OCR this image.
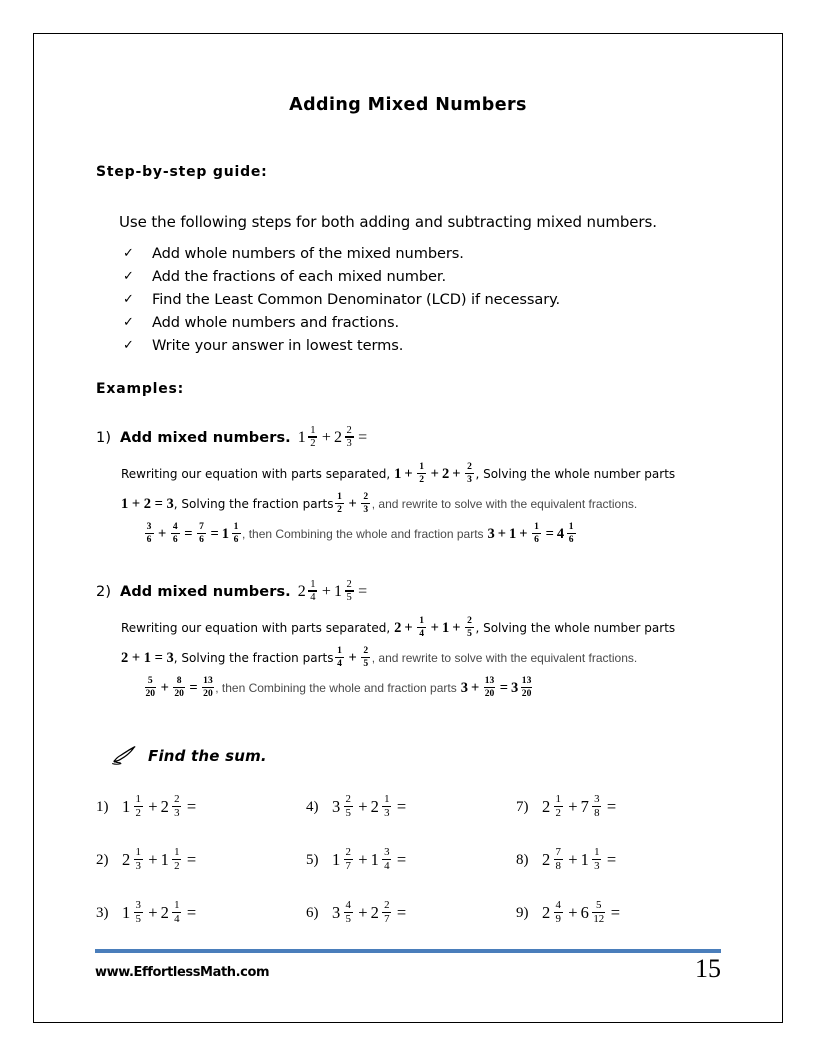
Adding Mixed Numbers
Step-by-step guide:
Use the following steps for both adding and subtracting mixed numbers.
✓ Add whole numbers of the mixed numbers.
✓ Add the fractions of each mixed number.
✓ Find the Least Common Denominator (LCD) if necessary.
✓ Add whole numbers and fractions.
✓ Write your answer in lowest terms.
Examples:
1) Add mixed numbers. $1 \frac{1}{2} + 2 \frac{2}{3}$ =
Rewriting our equation with parts separated, $1 + \frac{1}{2} + 2 + \frac{2}{3}$ , Solving the whole number parts
1 + 2 = 3 , Solving the fraction parts $\frac{1}{2} + \frac{2}{3}$ , and rewrite to solve with the equivalent fractions.
$\frac{3}{6} + \frac{4}{6} = \frac{7}{6} = 1 \frac{1}{6}$ , then Combining the whole and fraction parts $3 + 1 + \frac{1}{6} = 4 \frac{1}{6}$
2) Add mixed numbers. $2 \frac{1}{4} + 1 \frac{2}{5}$ =
Rewriting our equation with parts separated, $2 + \frac{1}{4} + 1 + \frac{2}{5}$ , Solving the whole number parts
2 + 1 = 3 , Solving the fraction parts $\frac{1}{4} + \frac{2}{5}$ , and rewrite to solve with the equivalent fractions.
$\frac{5}{20} + \frac{8}{20} = \frac{13}{20}$ , then Combining the whole and fraction parts $3 + \frac{13}{20} = 3 \frac{13}{20}$
Find the sum.
1) $1 \frac{1}{2} + 2 \frac{2}{3}$ =	4) $3 \frac{2}{5} + 2 \frac{1}{3}$ =	7) $2 \frac{1}{2} + 7 \frac{3}{8}$ =
2) $2 \frac{1}{3} + 1 \frac{1}{2}$ =	5) $1 \frac{2}{7} + 1 \frac{3}{4}$ =	8) $2 \frac{7}{8} + 1 \frac{1}{3}$ =
3) $1 \frac{3}{5} + 2 \frac{1}{4}$ =	6) $3 \frac{4}{5} + 2 \frac{2}{7}$ =	9) $2 \frac{4}{9} + 6 \frac{5}{12}$ =
www.EffortlessMath.com	15
